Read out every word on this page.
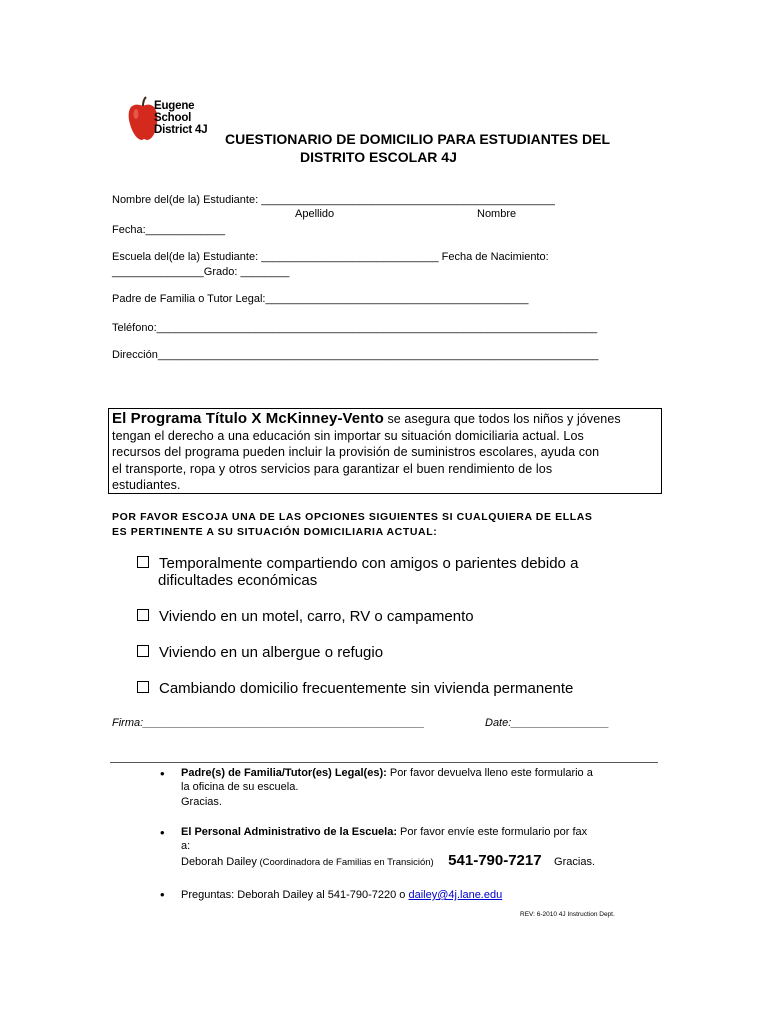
Eugene
School
District 4J
CUESTIONARIO DE DOMICILIO PARA ESTUDIANTES DEL
DISTRITO ESCOLAR 4J
Nombre del(de la) Estudiante: ________________________________________________
Apellido	Nombre
Fecha:_____________
Escuela del(de la) Estudiante: _____________________________ Fecha de Nacimiento:
_______________Grado: ________
Padre de Familia o Tutor Legal:___________________________________________
Teléfono:________________________________________________________________________
Dirección________________________________________________________________________
El Programa Título X McKinney-Vento se asegura que todos los niños y jóvenes
tengan el derecho a una educación sin importar su situación domiciliaria actual. Los
recursos del programa pueden incluir la provisión de suministros escolares, ayuda con
el transporte, ropa y otros servicios para garantizar el buen rendimiento de los
estudiantes.
POR FAVOR ESCOJA UNA DE LAS OPCIONES SIGUIENTES SI CUALQUIERA DE ELLAS
ES PERTINENTE A SU SITUACIÓN DOMICILIARIA ACTUAL:
Temporalmente compartiendo con amigos o parientes debido a
dificultades económicas
Viviendo en un motel, carro, RV o campamento
Viviendo en un albergue o refugio
Cambiando domicilio frecuentemente sin vivienda permanente
Firma:______________________________________________	Date:________________
• Padre(s) de Familia/Tutor(es) Legal(es): Por favor devuelva lleno este formulario a
la oficina de su escuela.
Gracias.
• El Personal Administrativo de la Escuela: Por favor envíe este formulario por fax
a:
Deborah Dailey (Coordinadora de Familias en Transición) 541-790-7217 Gracias.
• Preguntas: Deborah Dailey al 541-790-7220 o dailey@4j.lane.edu
REV: 6-2010 4J Instruction Dept.
